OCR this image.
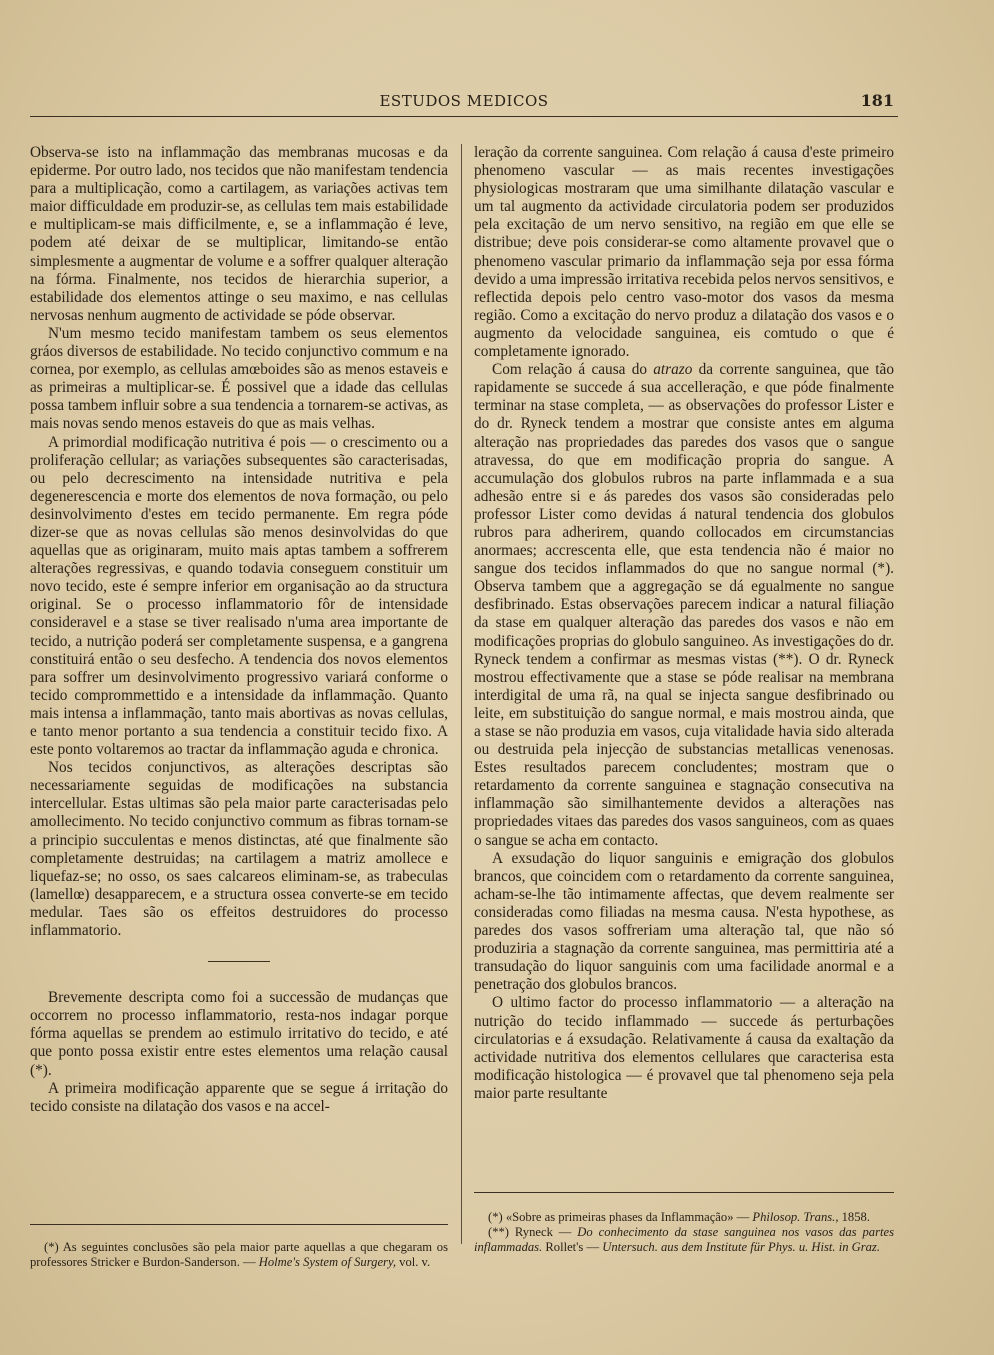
ESTUDOS MEDICOS	181

Observa-se isto na inflammação das membranas mucosas e da epiderme. Por outro lado, nos tecidos que não manifestam tendencia para a multiplicação, como a cartilagem, as variações activas tem maior difficuldade em produzir-se, as cellulas tem mais estabilidade e multiplicam-se mais difficilmente, e, se a inflammação é leve, podem até deixar de se multiplicar, limitando-se então simplesmente a augmentar de volume e a soffrer qualquer alteração na fórma. Finalmente, nos tecidos de hierarchia superior, a estabilidade dos elementos attinge o seu maximo, e nas cellulas nervosas nenhum augmento de actividade se póde observar.

N'um mesmo tecido manifestam tambem os seus elementos gráos diversos de estabilidade. No tecido conjunctivo commum e na cornea, por exemplo, as cellulas amœboides são as menos estaveis e as primeiras a multiplicar-se. É possivel que a idade das cellulas possa tambem influir sobre a sua tendencia a tornarem-se activas, as mais novas sendo menos estaveis do que as mais velhas.

A primordial modificação nutritiva é pois — o crescimento ou a proliferação cellular; as variações subsequentes são caracterisadas, ou pelo decrescimento na intensidade nutritiva e pela degenerescencia e morte dos elementos de nova formação, ou pelo desinvolvimento d'estes em tecido permanente. Em regra póde dizer-se que as novas cellulas são menos desinvolvidas do que aquellas que as originaram, muito mais aptas tambem a soffrerem alterações regressivas, e quando todavia conseguem constituir um novo tecido, este é sempre inferior em organisação ao da structura original. Se o processo inflammatorio fôr de intensidade consideravel e a stase se tiver realisado n'uma area importante de tecido, a nutrição poderá ser completamente suspensa, e a gangrena constituirá então o seu desfecho. A tendencia dos novos elementos para soffrer um desinvolvimento progressivo variará conforme o tecido comprommettido e a intensidade da inflammação. Quanto mais intensa a inflammação, tanto mais abortivas as novas cellulas, e tanto menor portanto a sua tendencia a constituir tecido fixo. A este ponto voltaremos ao tractar da inflammação aguda e chronica.

Nos tecidos conjunctivos, as alterações descriptas são necessariamente seguidas de modificações na substancia intercellular. Estas ultimas são pela maior parte caracterisadas pelo amollecimento. No tecido conjunctivo commum as fibras tornam-se a principio succulentas e menos distinctas, até que finalmente são completamente destruidas; na cartilagem a matriz amollece e liquefaz-se; no osso, os saes calcareos eliminam-se, as trabeculas (lamellœ) desapparecem, e a structura ossea converte-se em tecido medular. Taes são os effeitos destruidores do processo inflammatorio.

Brevemente descripta como foi a successão de mudanças que occorrem no processo inflammatorio, resta-nos indagar porque fórma aquellas se prendem ao estimulo irritativo do tecido, e até que ponto possa existir entre estes elementos uma relação causal (*).

A primeira modificação apparente que se segue á irritação do tecido consiste na dilatação dos vasos e na accel-

leração da corrente sanguinea. Com relação á causa d'este primeiro phenomeno vascular — as mais recentes investigações physiologicas mostraram que uma similhante dilatação vascular e um tal augmento da actividade circulatoria podem ser produzidos pela excitação de um nervo sensitivo, na região em que elle se distribue; deve pois considerar-se como altamente provavel que o phenomeno vascular primario da inflammação seja por essa fórma devido a uma impressão irritativa recebida pelos nervos sensitivos, e reflectida depois pelo centro vaso-motor dos vasos da mesma região. Como a excitação do nervo produz a dilatação dos vasos e o augmento da velocidade sanguinea, eis comtudo o que é completamente ignorado.

Com relação á causa do atrazo da corrente sanguinea, que tão rapidamente se succede á sua accelleração, e que póde finalmente terminar na stase completa, — as observações do professor Lister e do dr. Ryneck tendem a mostrar que consiste antes em alguma alteração nas propriedades das paredes dos vasos que o sangue atravessa, do que em modificação propria do sangue. A accumulação dos globulos rubros na parte inflammada e a sua adhesão entre si e ás paredes dos vasos são consideradas pelo professor Lister como devidas á natural tendencia dos globulos rubros para adherirem, quando collocados em circumstancias anormaes; accrescenta elle, que esta tendencia não é maior no sangue dos tecidos inflammados do que no sangue normal (*). Observa tambem que a aggregação se dá egualmente no sangue desfibrinado. Estas observações parecem indicar a natural filiação da stase em qualquer alteração das paredes dos vasos e não em modificações proprias do globulo sanguineo. As investigações do dr. Ryneck tendem a confirmar as mesmas vistas (**). O dr. Ryneck mostrou effectivamente que a stase se póde realisar na membrana interdigital de uma rã, na qual se injecta sangue desfibrinado ou leite, em substituição do sangue normal, e mais mostrou ainda, que a stase se não produzia em vasos, cuja vitalidade havia sido alterada ou destruida pela injecção de substancias metallicas venenosas. Estes resultados parecem concludentes; mostram que o retardamento da corrente sanguinea e stagnação consecutiva na inflammação são similhantemente devidos a alterações nas propriedades vitaes das paredes dos vasos sanguineos, com as quaes o sangue se acha em contacto.

A exsudação do liquor sanguinis e emigração dos globulos brancos, que coincidem com o retardamento da corrente sanguinea, acham-se-lhe tão intimamente affectas, que devem realmente ser consideradas como filiadas na mesma causa. N'esta hypothese, as paredes dos vasos soffreriam uma alteração tal, que não só produziria a stagnação da corrente sanguinea, mas permittiria até a transudação do liquor sanguinis com uma facilidade anormal e a penetração dos globulos brancos.

O ultimo factor do processo inflammatorio — a alteração na nutrição do tecido inflammado — succede ás perturbações circulatorias e á exsudação. Relativamente á causa da exaltação da actividade nutritiva dos elementos cellulares que caracterisa esta modificação histologica — é provavel que tal phenomeno seja pela maior parte resultante

(*) As seguintes conclusões são pela maior parte aquellas a que chegaram os professores Stricker e Burdon-Sanderson. — Holme's System of Surgery, vol. v.

(*) «Sobre as primeiras phases da Inflammação» — Philosop. Trans., 1858.

(**) Ryneck — Do conhecimento da stase sanguinea nos vasos das partes inflammadas. Rollet's — Untersuch. aus dem Institute für Phys. u. Hist. in Graz.
